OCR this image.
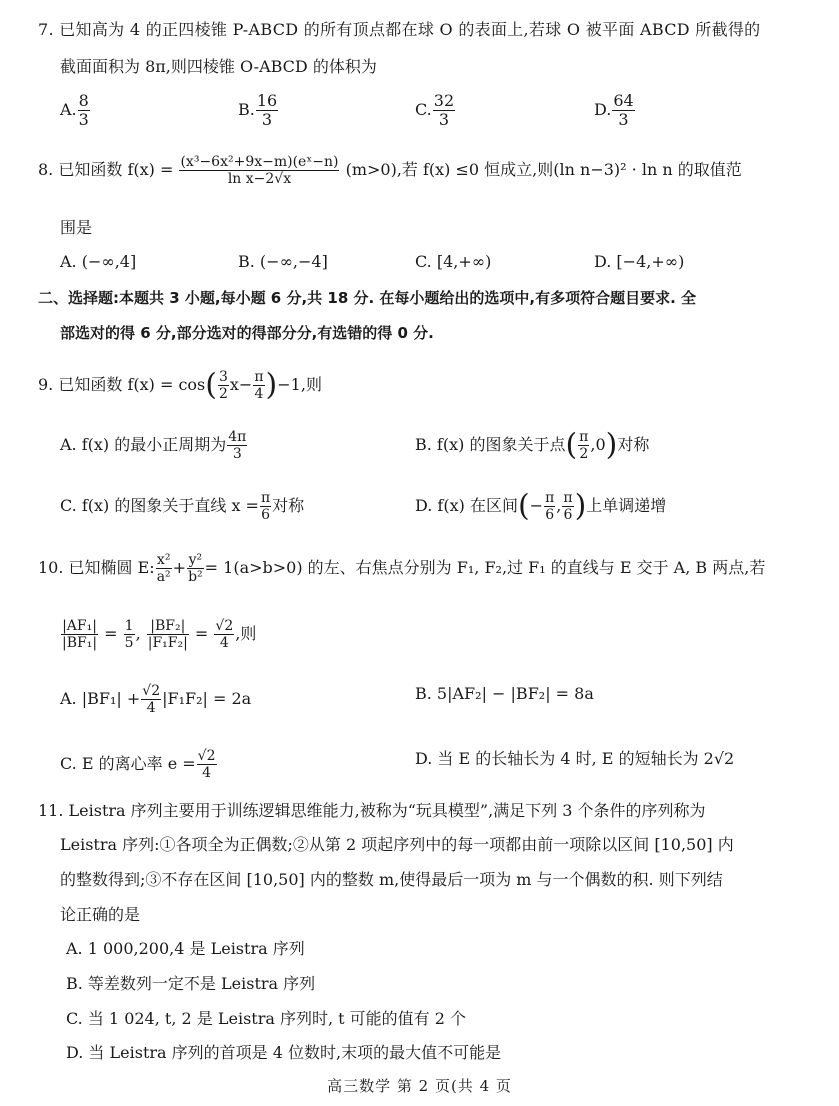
7. 已知高为 4 的正四棱锥 P-ABCD 的所有顶点都在球 O 的表面上,若球 O 被平面 ABCD 所截得的
截面面积为 8π,则四棱锥 O-ABCD 的体积为
A. $\frac{8}{3}$	B. $\frac{16}{3}$	C. $\frac{32}{3}$	D. $\frac{64}{3}$
8. 已知函数 $f(x) = \frac{\text{(x³−6x²+9x−m)(eˣ−n)}}{\text{ln x−2√x}} (m>0)$,若 f(x) ≤0 恒成立,则(ln n−3)² · ln n 的取值范
围是
A. (−∞,4]	B. (−∞,−4]	C. [4,+∞)	D. [−4,+∞)
二、选择题:本题共 3 小题,每小题 6 分,共 18 分. 在每小题给出的选项中,有多项符合题目要求. 全
部选对的得 6 分,部分选对的得部分分,有选错的得 0 分.
9. 已知函数 $f(x) = \cos( \frac{3}{2} x- \frac{\pi}{4} )-1$,则
A. f(x) 的最小正周期为 $\frac{4\pi}{3}$	B. f(x) 的图象关于点( $\frac{\pi}{2} ,0$)对称
C. f(x) 的图象关于直线 $x = \frac{\pi}{6}$ 对称	D. f(x) 在区间(− $\frac{\pi}{6}$ , $\frac{\pi}{6}$ )上单调递增
10. 已知椭圆 E: $\frac{\text{x²}}{\text{a²}} + \frac{\text{y²}}{\text{b²}} = 1(a>b>0)$ 的左、右焦点分别为 F₁, F₂,过 F₁ 的直线与 E 交于 A, B 两点,若
$\frac{\text{|AF₁|}}{\text{|BF₁|}} = \frac{1}{5}$ , $\frac{\text{|BF₂|}}{\text{|F₁F₂|}} = \frac{√2}{4}$ ,则
A. $|BF_1| + \frac{√2}{4} |F_1F_2| = 2a$	B. 5|AF₂| − |BF₂| = 8a
C. E 的离心率 $e = \frac{√2}{4}$	D. 当 E 的长轴长为 4 时, E 的短轴长为 2√2
11. Leistra 序列主要用于训练逻辑思维能力,被称为“玩具模型”,满足下列 3 个条件的序列称为
Leistra 序列:①各项全为正偶数;②从第 2 项起序列中的每一项都由前一项除以区间 [10,50] 内
的整数得到;③不存在区间 [10,50] 内的整数 m,使得最后一项为 m 与一个偶数的积. 则下列结
论正确的是
A. 1 000,200,4 是 Leistra 序列
B. 等差数列一定不是 Leistra 序列
C. 当 1 024, t, 2 是 Leistra 序列时, t 可能的值有 2 个
D. 当 Leistra 序列的首项是 4 位数时,末项的最大值不可能是
高三数学 第 2 页(共 4 页
